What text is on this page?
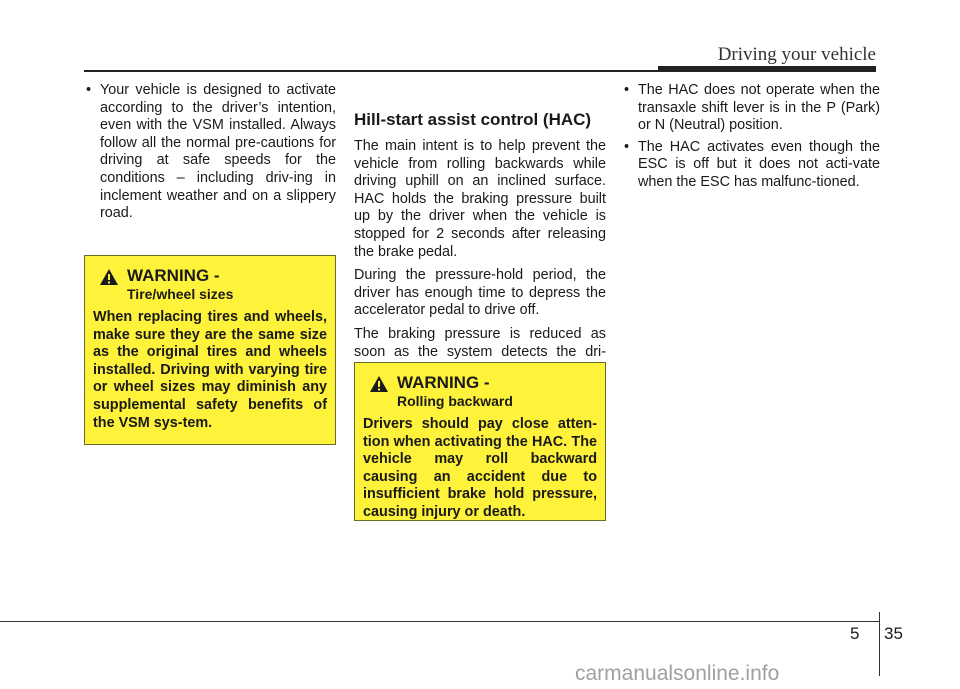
Driving your vehicle
• Your vehicle is designed to activate according to the driver’s intention, even with the VSM installed. Always follow all the normal pre-cautions for driving at safe speeds for the conditions – including driv-ing in inclement weather and on a slippery road.
WARNING -
Tire/wheel sizes
When replacing tires and wheels, make sure they are the same size as the original tires and wheels installed. Driving with varying tire or wheel sizes may diminish any supplemental safety benefits of the VSM sys-tem.
Hill-start assist control (HAC)

The main intent is to help prevent the vehicle from rolling backwards while driving uphill on an inclined surface. HAC holds the braking pressure built up by the driver when the vehicle is stopped for 2 seconds after releasing the brake pedal.

During the pressure-hold period, the driver has enough time to depress the accelerator pedal to drive off.

The braking pressure is reduced as soon as the system detects the dri-

WARNING -
Rolling backward
Drivers should pay close atten-tion when activating the HAC. The vehicle may roll backward causing an accident due to insufficient brake hold pressure, causing injury or death.
• The HAC does not operate when the transaxle shift lever is in the P (Park) or N (Neutral) position.
• The HAC activates even though the ESC is off but it does not acti-vate when the ESC has malfunc-tioned.
5 35
carmanualsonline.info
